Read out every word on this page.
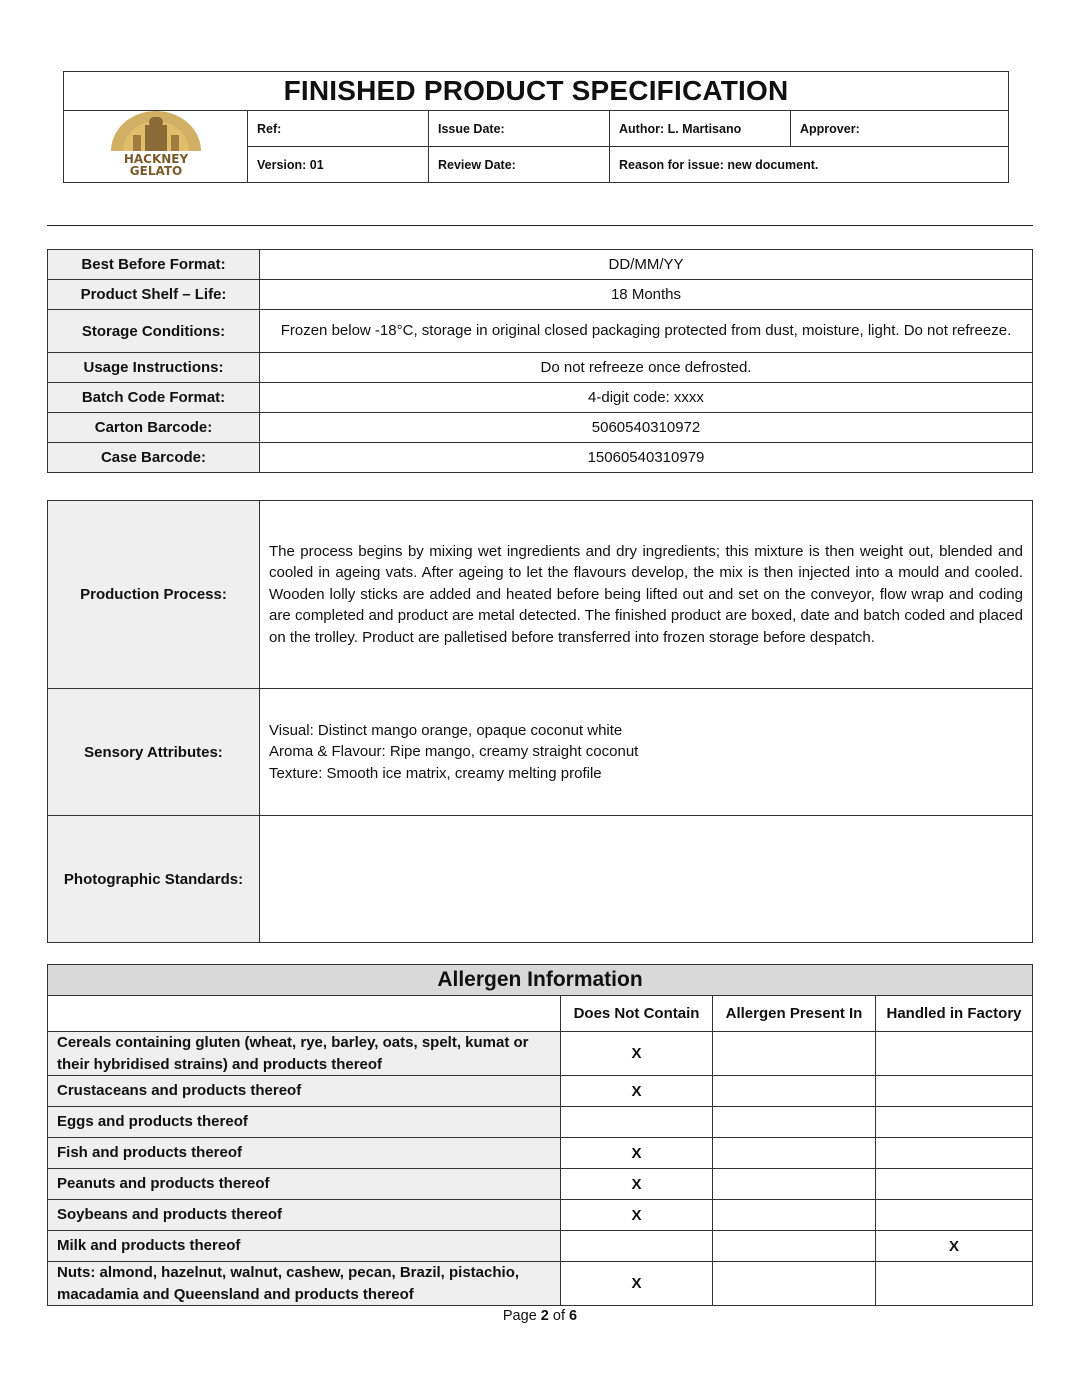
FINISHED PRODUCT SPECIFICATION				

HACKNEY
GELATO	Ref:	Issue Date:	Author: L. Martisano	Approver:
	Version: 01	Review Date:	Reason for issue: new document.	
Best Before Format:	DD/MM/YY
Product Shelf – Life:	18 Months
Storage Conditions:	Frozen below -18°C, storage in original closed packaging protected from dust, moisture, light. Do not refreeze.
Usage Instructions:	Do not refreeze once defrosted.
Batch Code Format:	4-digit code: xxxx
Carton Barcode:	5060540310972
Case Barcode:	15060540310979
Production Process:	The process begins by mixing wet ingredients and dry ingredients; this mixture is then weight out, blended and cooled in ageing vats. After ageing to let the flavours develop, the mix is then injected into a mould and cooled. Wooden lolly sticks are added and heated before being lifted out and set on the conveyor, flow wrap and coding are completed and product are metal detected. The finished product are boxed, date and batch coded and placed on the trolley. Product are palletised before transferred into frozen storage before despatch.
Sensory Attributes:	Visual: Distinct mango orange, opaque coconut white
Aroma & Flavour: Ripe mango, creamy straight coconut
Texture: Smooth ice matrix, creamy melting profile

Photographic Standards:	
Allergen Information			
	Does Not Contain	Allergen Present In	Handled in Factory
Cereals containing gluten (wheat, rye, barley, oats, spelt, kumat or their hybridised strains) and products thereof	X		
Crustaceans and products thereof	X		
Eggs and products thereof			
Fish and products thereof	X		
Peanuts and products thereof	X		
Soybeans and products thereof	X		
Milk and products thereof			X
Nuts: almond, hazelnut, walnut, cashew, pecan, Brazil, pistachio, macadamia and Queensland and products thereof	X		
Page 2 of 6
